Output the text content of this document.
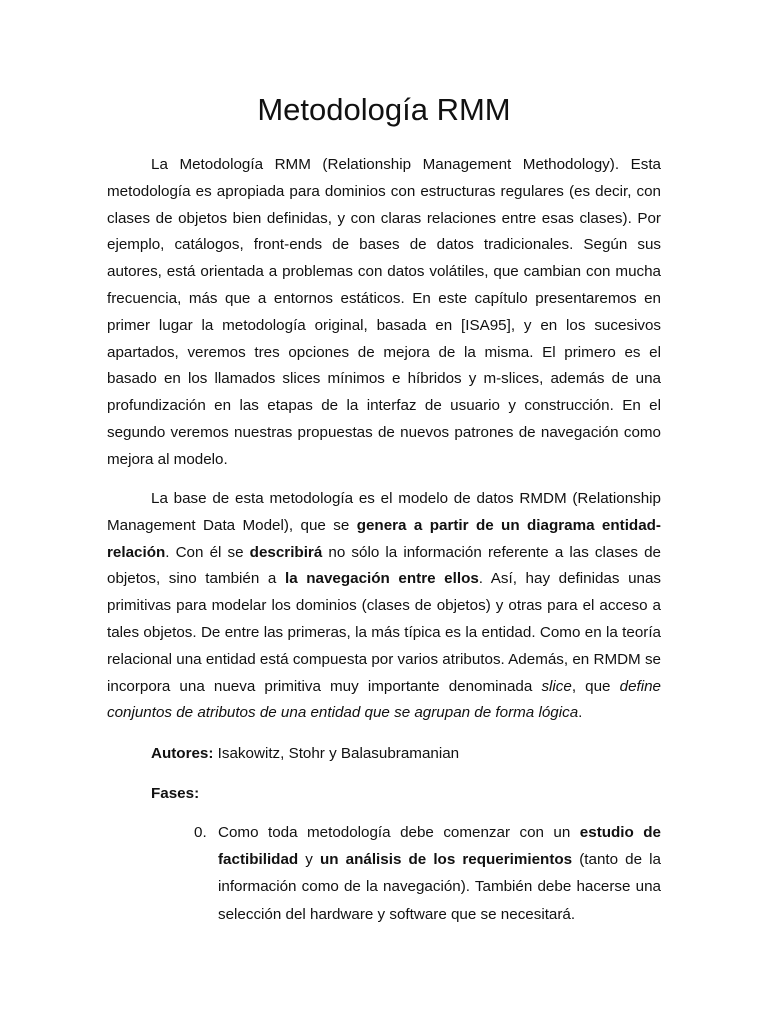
Metodología RMM

La Metodología RMM (Relationship Management Methodology). Esta metodología es apropiada para dominios con estructuras regulares (es decir, con clases de objetos bien definidas, y con claras relaciones entre esas clases). Por ejemplo, catálogos, front-ends de bases de datos tradicionales. Según sus autores, está orientada a problemas con datos volátiles, que cambian con mucha frecuencia, más que a entornos estáticos. En este capítulo presentaremos en primer lugar la metodología original, basada en [ISA95], y en los sucesivos apartados, veremos tres opciones de mejora de la misma. El primero es el basado en los llamados slices mínimos e híbridos y m-slices, además de una profundización en las etapas de la interfaz de usuario y construcción. En el segundo veremos nuestras propuestas de nuevos patrones de navegación como mejora al modelo.

La base de esta metodología es el modelo de datos RMDM (Relationship Management Data Model), que se genera a partir de un diagrama entidad-relación. Con él se describirá no sólo la información referente a las clases de objetos, sino también a la navegación entre ellos. Así, hay definidas unas primitivas para modelar los dominios (clases de objetos) y otras para el acceso a tales objetos. De entre las primeras, la más típica es la entidad. Como en la teoría relacional una entidad está compuesta por varios atributos. Además, en RMDM se incorpora una nueva primitiva muy importante denominada slice, que define conjuntos de atributos de una entidad que se agrupan de forma lógica.

Autores: Isakowitz, Stohr y Balasubramanian

Fases:

0. Como toda metodología debe comenzar con un estudio de factibilidad y un análisis de los requerimientos (tanto de la información como de la navegación). También debe hacerse una selección del hardware y software que se necesitará.
